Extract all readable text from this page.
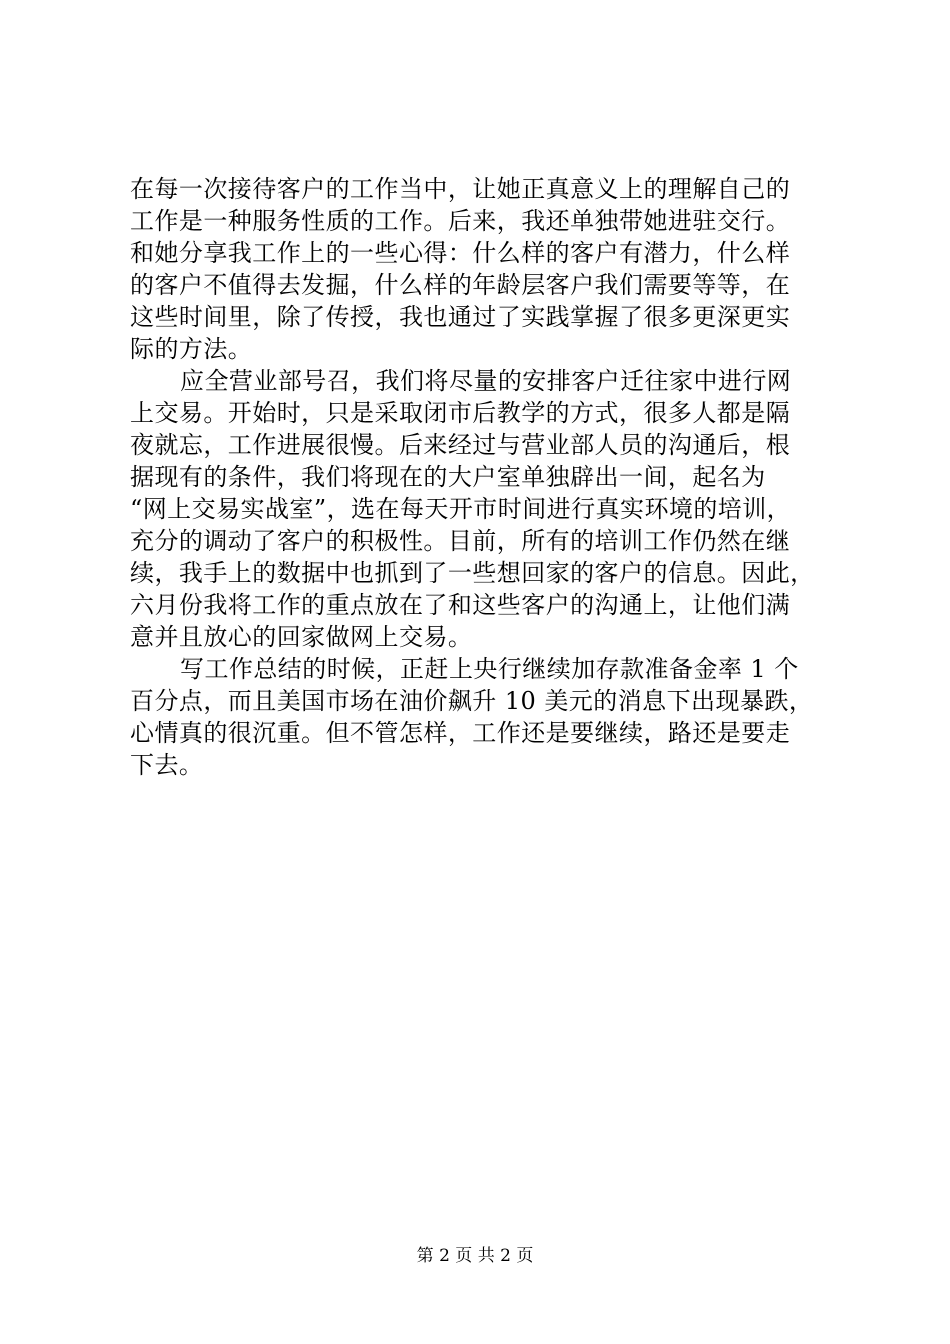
在每一次接待客户的工作当中，让她正真意义上的理解自己的
工作是一种服务性质的工作。后来，我还单独带她进驻交行。
和她分享我工作上的一些心得：什么样的客户有潜力，什么样
的客户不值得去发掘，什么样的年龄层客户我们需要等等，在
这些时间里，除了传授，我也通过了实践掌握了很多更深更实
际的方法。
应全营业部号召，我们将尽量的安排客户迁往家中进行网
上交易。开始时，只是采取闭市后教学的方式，很多人都是隔
夜就忘，工作进展很慢。后来经过与营业部人员的沟通后，根
据现有的条件，我们将现在的大户室单独辟出一间，起名为
“网上交易实战室”，选在每天开市时间进行真实环境的培训，
充分的调动了客户的积极性。目前，所有的培训工作仍然在继
续，我手上的数据中也抓到了一些想回家的客户的信息。因此，
六月份我将工作的重点放在了和这些客户的沟通上，让他们满
意并且放心的回家做网上交易。
写工作总结的时候，正赶上央行继续加存款准备金率 1 个
百分点，而且美国市场在油价飙升 10 美元的消息下出现暴跌，
心情真的很沉重。但不管怎样，工作还是要继续，路还是要走
下去。
第 2 页 共 2 页
